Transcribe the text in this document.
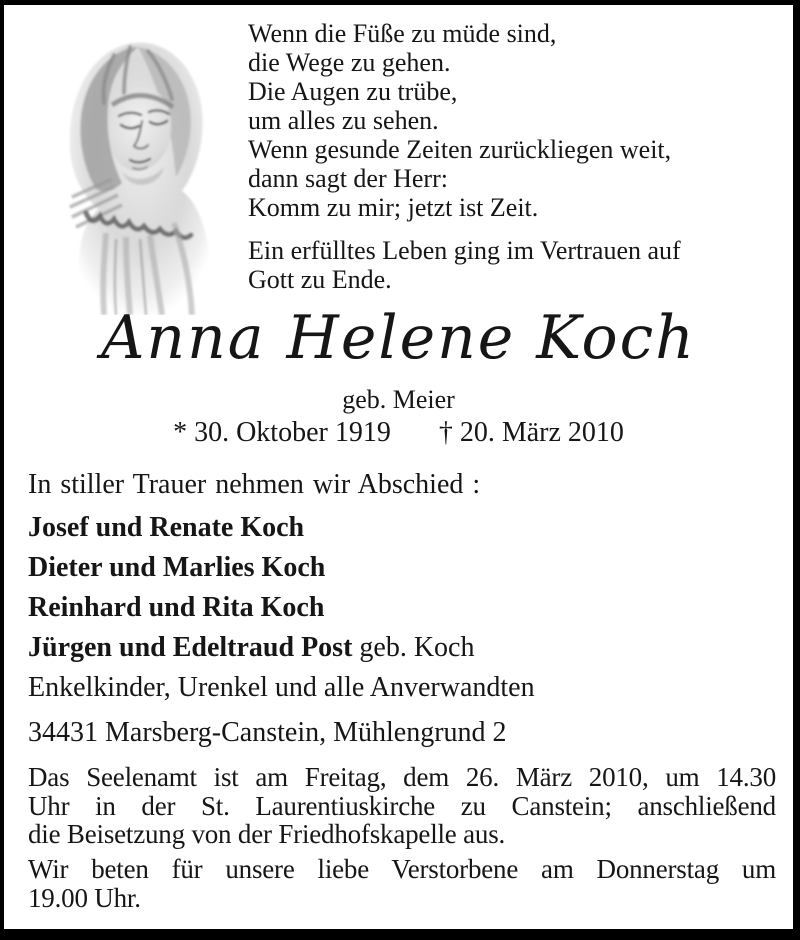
Wenn die Füße zu müde sind,
die Wege zu gehen.
Die Augen zu trübe,
um alles zu sehen.
Wenn gesunde Zeiten zurückliegen weit,
dann sagt der Herr:
Komm zu mir; jetzt ist Zeit.
Ein erfülltes Leben ging im Vertrauen auf
Gott zu Ende.
Anna Helene Koch
geb. Meier
* 30. Oktober 1919 † 20. März 2010
In stiller Trauer nehmen wir Abschied :
Josef und Renate Koch
Dieter und Marlies Koch
Reinhard und Rita Koch
Jürgen und Edeltraud Post geb. Koch
Enkelkinder, Urenkel und alle Anverwandten
34431 Marsberg-Canstein, Mühlengrund 2
Das Seelenamt ist am Freitag, dem 26. März 2010, um 14.30
Uhr in der St. Laurentiuskirche zu Canstein; anschließend
die Beisetzung von der Friedhofskapelle aus.
Wir beten für unsere liebe Verstorbene am Donnerstag um
19.00 Uhr.
